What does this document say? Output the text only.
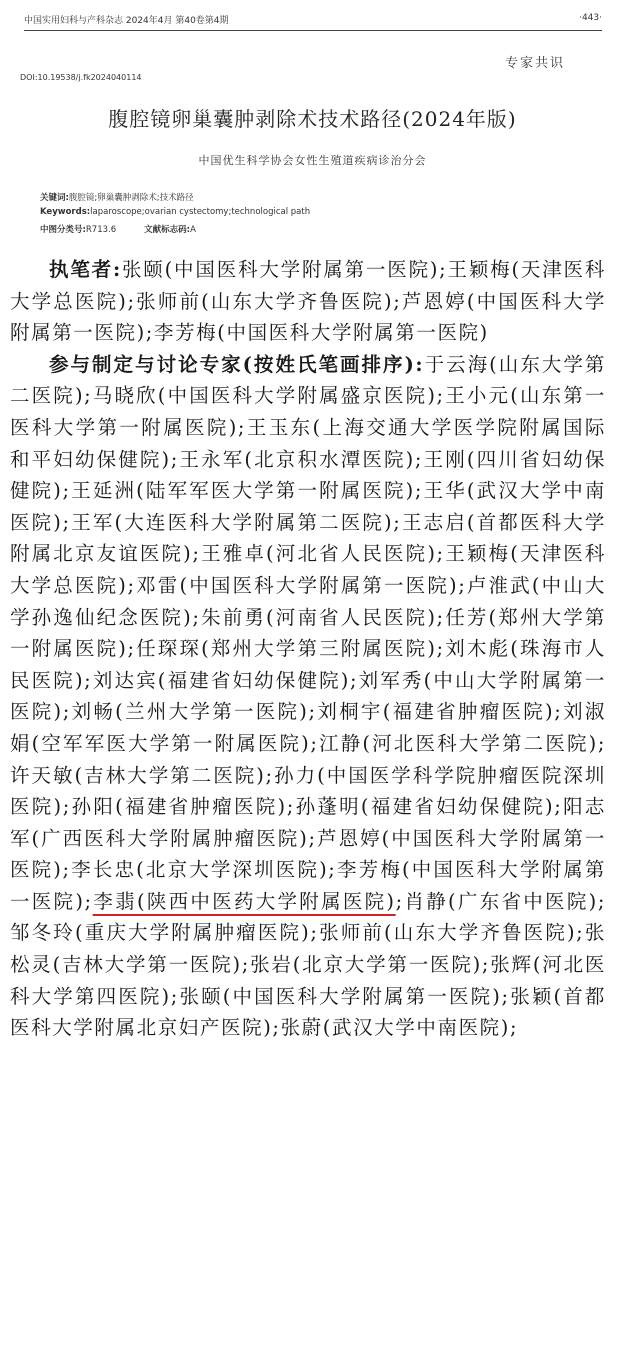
中国实用妇科与产科杂志 2024年4月 第40卷第4期	·443·
专家共识
DOI:10.19538/j.fk2024040114
腹腔镜卵巢囊肿剥除术技术路径(2024年版)
中国优生科学协会女性生殖道疾病诊治分会
关键词:腹腔镜;卵巢囊肿剥除术;技术路径
Keywords:laparoscope;ovarian cystectomy;technological path
中图分类号:R713.6	文献标志码:A

执笔者:张颐(中国医科大学附属第一医院);王颖梅(天津医科大学总医院);张师前(山东大学齐鲁医院);芦恩婷(中国医科大学附属第一医院);李芳梅(中国医科大学附属第一医院)

参与制定与讨论专家(按姓氏笔画排序):于云海(山东大学第二医院);马晓欣(中国医科大学附属盛京医院);王小元(山东第一医科大学第一附属医院);王玉东(上海交通大学医学院附属国际和平妇幼保健院);王永军(北京积水潭医院);王刚(四川省妇幼保健院);王延洲(陆军军医大学第一附属医院);王华(武汉大学中南医院);王军(大连医科大学附属第二医院);王志启(首都医科大学附属北京友谊医院);王雅卓(河北省人民医院);王颖梅(天津医科大学总医院);邓雷(中国医科大学附属第一医院);卢淮武(中山大学孙逸仙纪念医院);朱前勇(河南省人民医院);任芳(郑州大学第一附属医院);任琛琛(郑州大学第三附属医院);刘木彪(珠海市人民医院);刘达宾(福建省妇幼保健院);刘军秀(中山大学附属第一医院);刘畅(兰州大学第一医院);刘桐宇(福建省肿瘤医院);刘淑娟(空军军医大学第一附属医院);江静(河北医科大学第二医院);许天敏(吉林大学第二医院);孙力(中国医学科学院肿瘤医院深圳医院);孙阳(福建省肿瘤医院);孙蓬明(福建省妇幼保健院);阳志军(广西医科大学附属肿瘤医院);芦恩婷(中国医科大学附属第一医院);李长忠(北京大学深圳医院);李芳梅(中国医科大学附属第一医院);李翡(陕西中医药大学附属医院);肖静(广东省中医院);邹冬玲(重庆大学附属肿瘤医院);张师前(山东大学齐鲁医院);张松灵(吉林大学第一医院);张岩(北京大学第一医院);张辉(河北医科大学第四医院);张颐(中国医科大学附属第一医院);张颖(首都医科大学附属北京妇产医院);张蔚(武汉大学中南医院);
